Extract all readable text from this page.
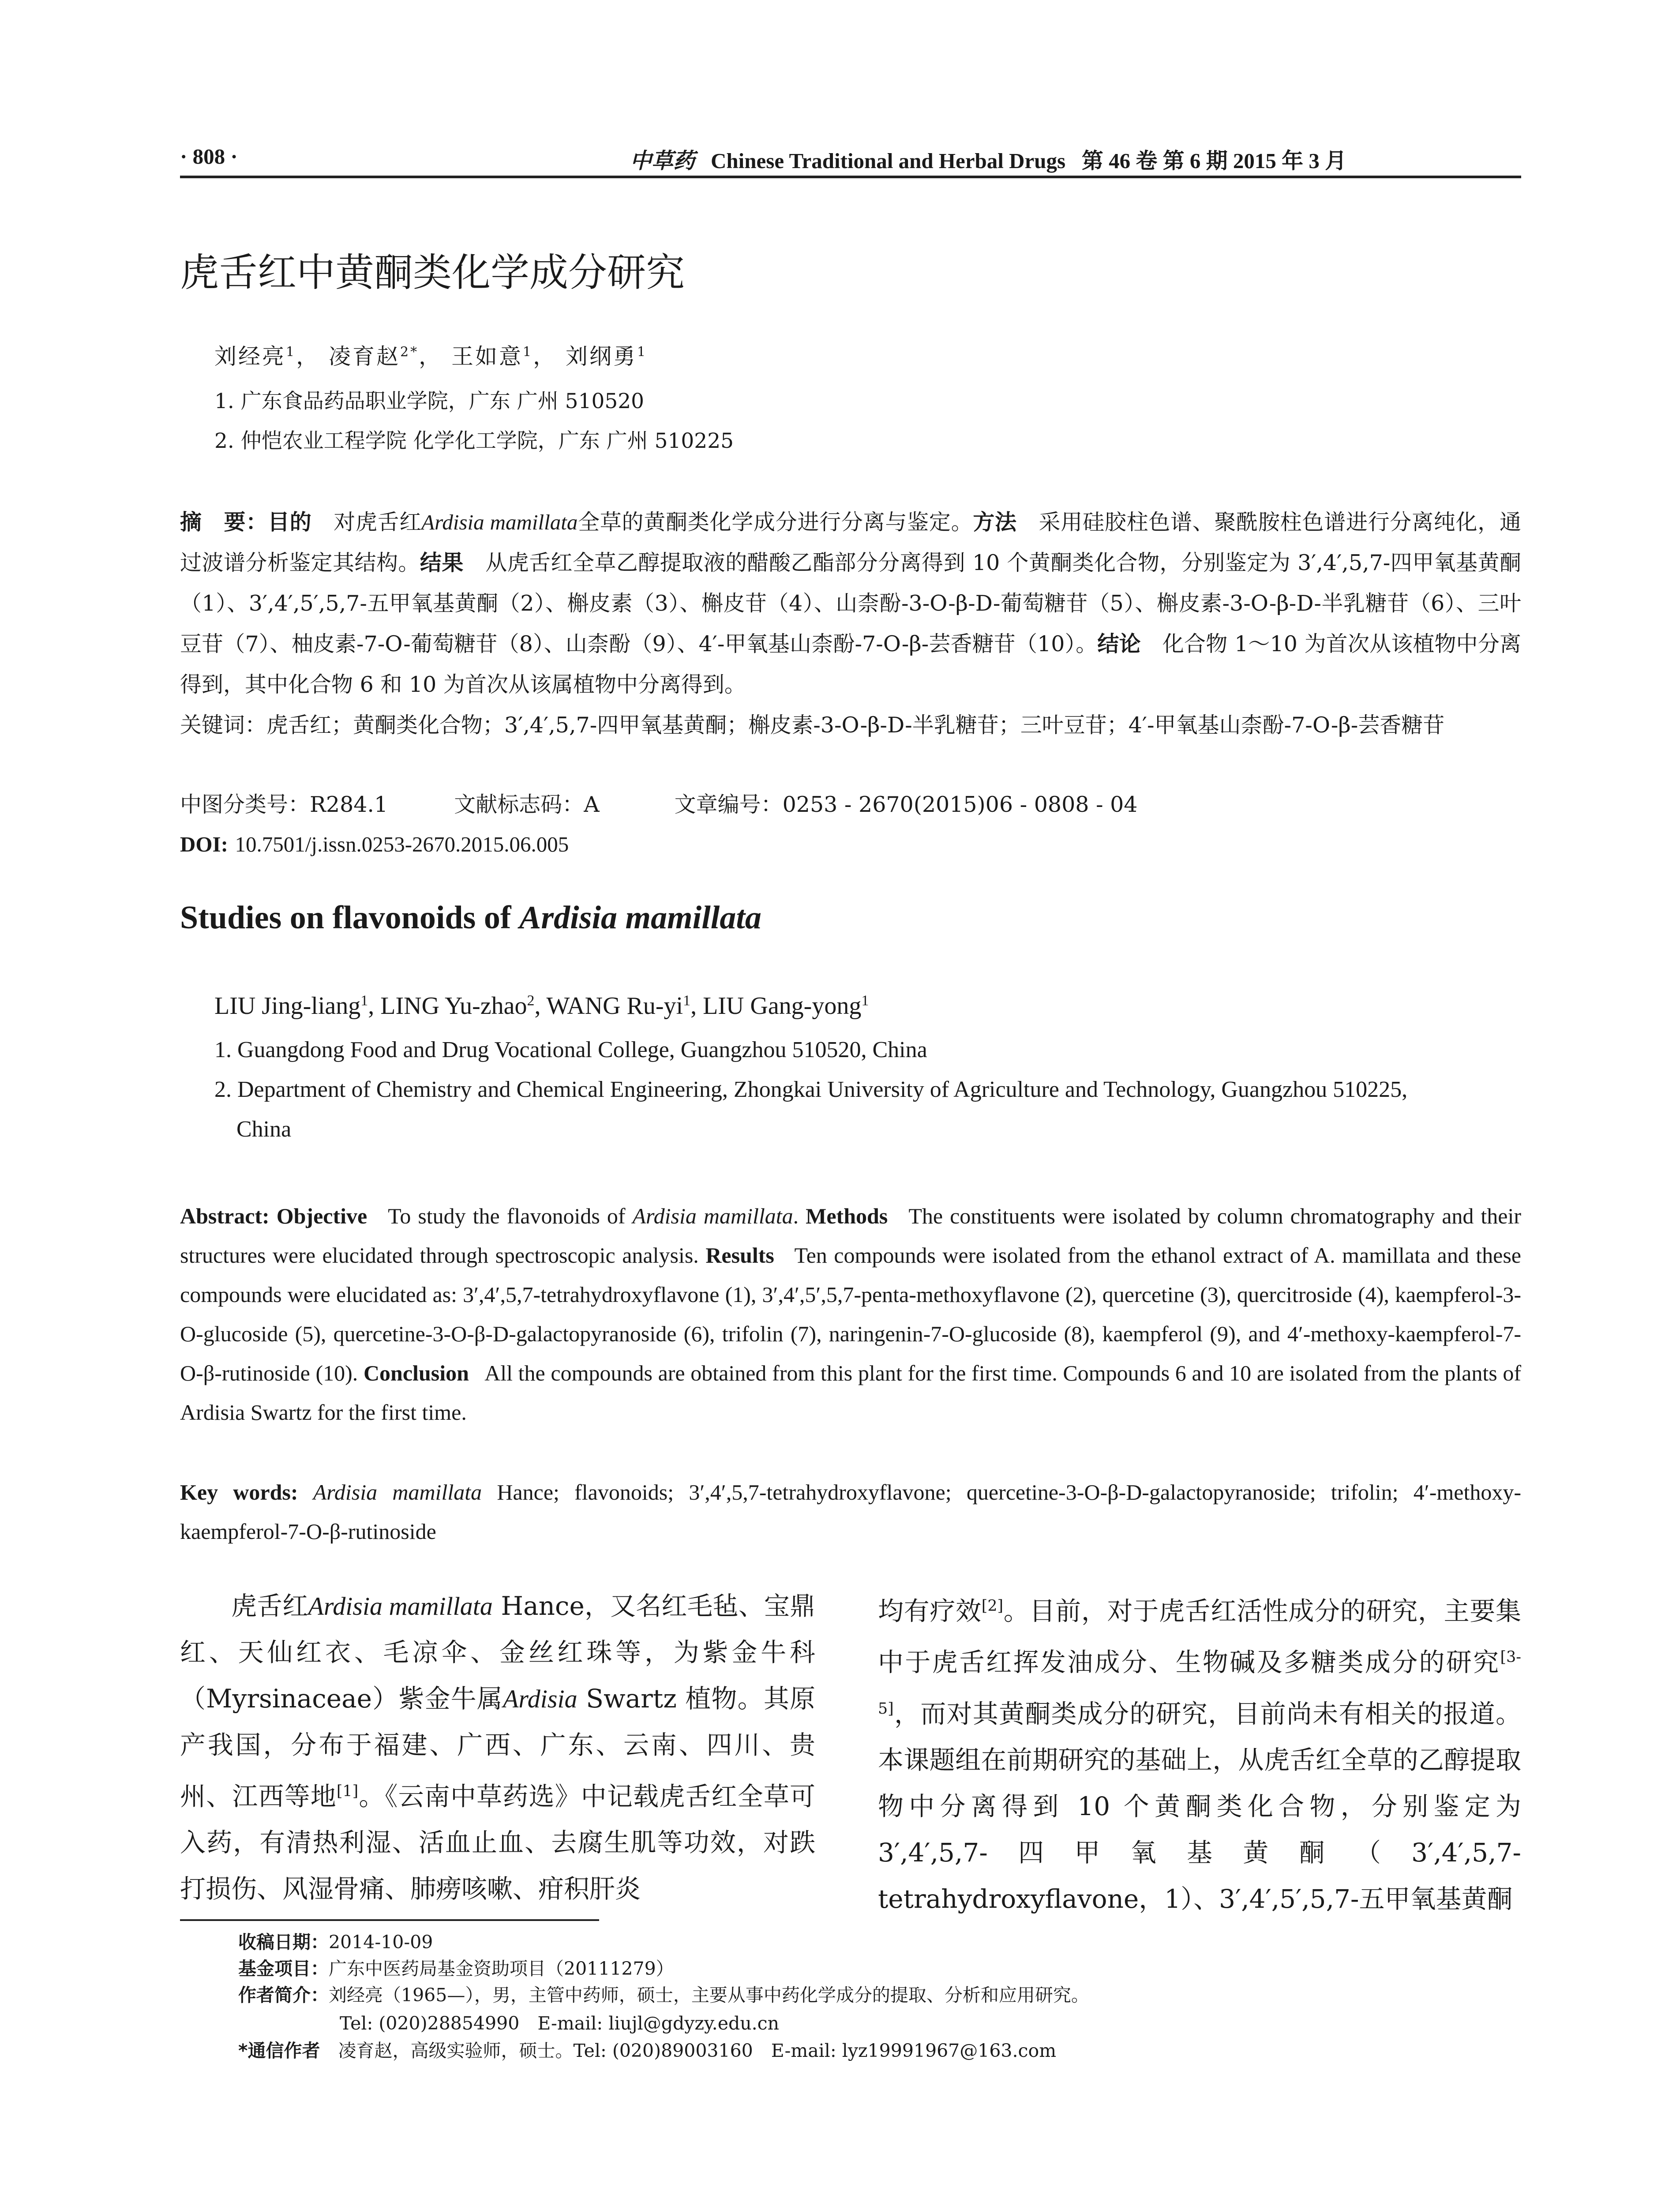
· 808 ·	中草药 Chinese Traditional and Herbal Drugs 第 46 卷 第 6 期 2015 年 3 月
虎舌红中黄酮类化学成分研究
刘经亮$^1$， 凌育赵$^{2*}$， 王如意$^1$， 刘纲勇$^1$
1. 广东食品药品职业学院，广东 广州 510520
2. 仲恺农业工程学院 化学化工学院，广东 广州 510225
摘　要：目的　 对虎舌红Ardisia mamillata全草的黄酮类化学成分进行分离与鉴定。方法　 采用硅胶柱色谱、聚酰胺柱色谱进行分离纯化，通过波谱分析鉴定其结构。结果　 从虎舌红全草乙醇提取液的醋酸乙酯部分分离得到 10 个黄酮类化合物，分别鉴定为 3′,4′,5,7-四甲氧基黄酮（1）、3′,4′,5′,5,7-五甲氧基黄酮（2）、槲皮素（3）、槲皮苷（4）、山柰酚-3-O-β-D-葡萄糖苷（5）、槲皮素-3-O-β-D-半乳糖苷（6）、三叶豆苷（7）、柚皮素-7-O-葡萄糖苷（8）、山柰酚（9）、4′-甲氧基山柰酚-7-O-β-芸香糖苷（10）。结论　 化合物 1～10 为首次从该植物中分离得到，其中化合物 6 和 10 为首次从该属植物中分离得到。
关键词：虎舌红；黄酮类化合物；3′,4′,5,7-四甲氧基黄酮；槲皮素-3-O-β-D-半乳糖苷；三叶豆苷；4′-甲氧基山柰酚-7-O-β-芸香糖苷
中图分类号：R284.1	文献标志码：A	文章编号：0253 - 2670(2015)06 - 0808 - 04
DOI: 10.7501/j.issn.0253-2670.2015.06.005
Studies on flavonoids of Ardisia mamillata
LIU Jing-liang$^1$, LING Yu-zhao$^2$, WANG $Ru-yi^1$, LIU Gang-yong$^1$
1. Guangdong Food and Drug Vocational College, Guangzhou 510520, China
2. Department of Chemistry and Chemical Engineering, Zhongkai University of Agriculture and Technology, Guangzhou 510225,
China
Abstract: Objective To study the flavonoids of Ardisia mamillata. Methods The constituents were isolated by column chromatography and their structures were elucidated through spectroscopic analysis. Results Ten compounds were isolated from the ethanol extract of A. mamillata and these compounds were elucidated as: 3′,4′,5,7-tetrahydroxyflavone (1), 3′,4′,5′,5,7-penta-methoxyflavone (2), quercetine (3), quercitroside (4), kaempferol-3-O-glucoside (5), quercetine-3-O-β-D-galactopyranoside (6), trifolin (7), naringenin-7-O-glucoside (8), kaempferol (9), and 4′-methoxy-kaempferol-7-O-β-rutinoside (10). Conclusion All the compounds are obtained from this plant for the first time. Compounds 6 and 10 are isolated from the plants of Ardisia Swartz for the first time.
Key words: Ardisia mamillata Hance; flavonoids; 3′,4′,5,7-tetrahydroxyflavone; quercetine-3-O-β-D-galactopyranoside; trifolin; 4′-methoxy-kaempferol-7-O-β-rutinoside
虎舌红Ardisia mamillata Hance，又名红毛毡、宝鼎红、天仙红衣、毛凉伞、金丝红珠等，为紫金牛科（Myrsinaceae）紫金牛属Ardisia Swartz 植物。其原产我国，分布于福建、广西、广东、云南、四川、贵州、江西等地[1]。《云南中草药选》中记载虎舌红全草可入药，有清热利湿、活血止血、去腐生肌等功效，对跌打损伤、风湿骨痛、肺痨咳嗽、疳积肝炎
均有疗效[2]。目前，对于虎舌红活性成分的研究，主要集中于虎舌红挥发油成分、生物碱及多糖类成分的研究[3-5]，而对其黄酮类成分的研究，目前尚未有相关的报道。本课题组在前期研究的基础上，从虎舌红全草的乙醇提取物中分离得到 10 个黄酮类化合物，分别鉴定为 3′,4′,5,7-四甲氧基黄酮（3′,4′,5,7-tetrahydroxyflavone，1）、3′,4′,5′,5,7-五甲氧基黄酮
收稿日期：2014-10-09
基金项目：广东中医药局基金资助项目（20111279）
作者简介：刘经亮（1965—），男，主管中药师，硕士，主要从事中药化学成分的提取、分析和应用研究。
Tel: (020)28854990　E-mail: liujl@gdyzy.edu.cn
*通信作者　 凌育赵，高级实验师，硕士。Tel: (020)89003160　E-mail: lyz19991967@163.com
